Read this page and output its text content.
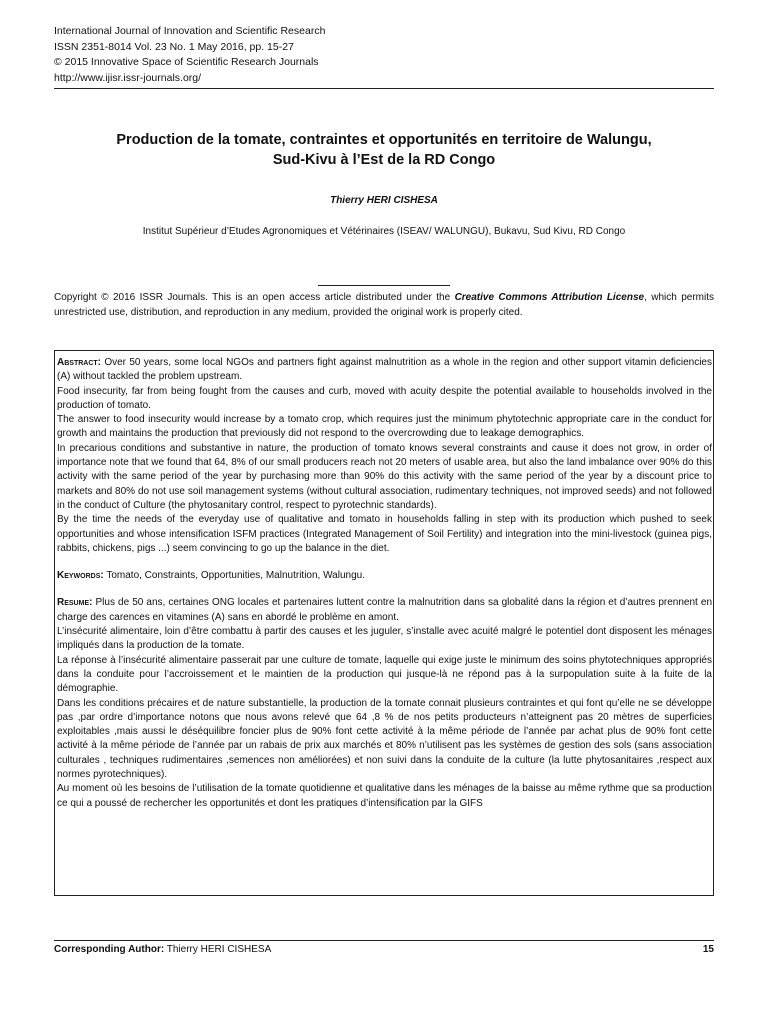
International Journal of Innovation and Scientific Research
ISSN 2351-8014 Vol. 23 No. 1 May 2016, pp. 15-27
© 2015 Innovative Space of Scientific Research Journals
http://www.ijisr.issr-journals.org/
Production de la tomate, contraintes et opportunités en territoire de Walungu,
Sud-Kivu à l’Est de la RD Congo
Thierry HERI CISHESA
Institut Supérieur d’Etudes Agronomiques et Vétérinaires (ISEAV/ WALUNGU), Bukavu, Sud Kivu, RD Congo
Copyright © 2016 ISSR Journals. This is an open access article distributed under the Creative Commons Attribution License, which permits unrestricted use, distribution, and reproduction in any medium, provided the original work is properly cited.

Abstract: Over 50 years, some local NGOs and partners fight against malnutrition as a whole in the region and other support vitamin deficiencies (A) without tackled the problem upstream.

Food insecurity, far from being fought from the causes and curb, moved with acuity despite the potential available to households involved in the production of tomato.

The answer to food insecurity would increase by a tomato crop, which requires just the minimum phytotechnic appropriate care in the conduct for growth and maintains the production that previously did not respond to the overcrowding due to leakage demographics.

In precarious conditions and substantive in nature, the production of tomato knows several constraints and cause it does not grow, in order of importance note that we found that 64, 8% of our small producers reach not 20 meters of usable area, but also the land imbalance over 90% do this activity with the same period of the year by purchasing more than 90% do this activity with the same period of the year by a discount price to markets and 80% do not use soil management systems (without cultural association, rudimentary techniques, not improved seeds) and not followed in the conduct of Culture (the phytosanitary control, respect to pyrotechnic standards).

By the time the needs of the everyday use of qualitative and tomato in households falling in step with its production which pushed to seek opportunities and whose intensification ISFM practices (Integrated Management of Soil Fertility) and integration into the mini-livestock (guinea pigs, rabbits, chickens, pigs ...) seem convincing to go up the balance in the diet.

Keywords: Tomato, Constraints, Opportunities, Malnutrition, Walungu.

Resume: Plus de 50 ans, certaines ONG locales et partenaires luttent contre la malnutrition dans sa globalité dans la région et d’autres prennent en charge des carences en vitamines (A) sans en abordé le problème en amont.

L’insécurité alimentaire, loin d’être combattu à partir des causes et les juguler, s’installe avec acuité malgré le potentiel dont disposent les ménages impliqués dans la production de la tomate.

La réponse à l’insécurité alimentaire passerait par une culture de tomate, laquelle qui exige juste le minimum des soins phytotechniques appropriés dans la conduite pour l’accroissement et le maintien de la production qui jusque-là ne répond pas à la surpopulation suite à la fuite de la démographie.

Dans les conditions précaires et de nature substantielle, la production de la tomate connait plusieurs contraintes et qui font qu’elle ne se développe pas ,par ordre d’importance notons que nous avons relevé que 64 ,8 % de nos petits producteurs n’atteignent pas 20 mètres de superficies exploitables ,mais aussi le déséquilibre foncier plus de 90% font cette activité à la même période de l’année par achat plus de 90% font cette activité à la même période de l’année par un rabais de prix aux marchés et 80% n’utilisent pas les systèmes de gestion des sols (sans association culturales , techniques rudimentaires ,semences non améliorées) et non suivi dans la conduite de la culture (la lutte phytosanitaires ,respect aux normes pyrotechniques).

Au moment où les besoins de l’utilisation de la tomate quotidienne et qualitative dans les ménages de la baisse au même rythme que sa production ce qui a poussé de rechercher les opportunités et dont les pratiques d’intensification par la GIFS

Corresponding Author: Thierry HERI CISHESA	15
